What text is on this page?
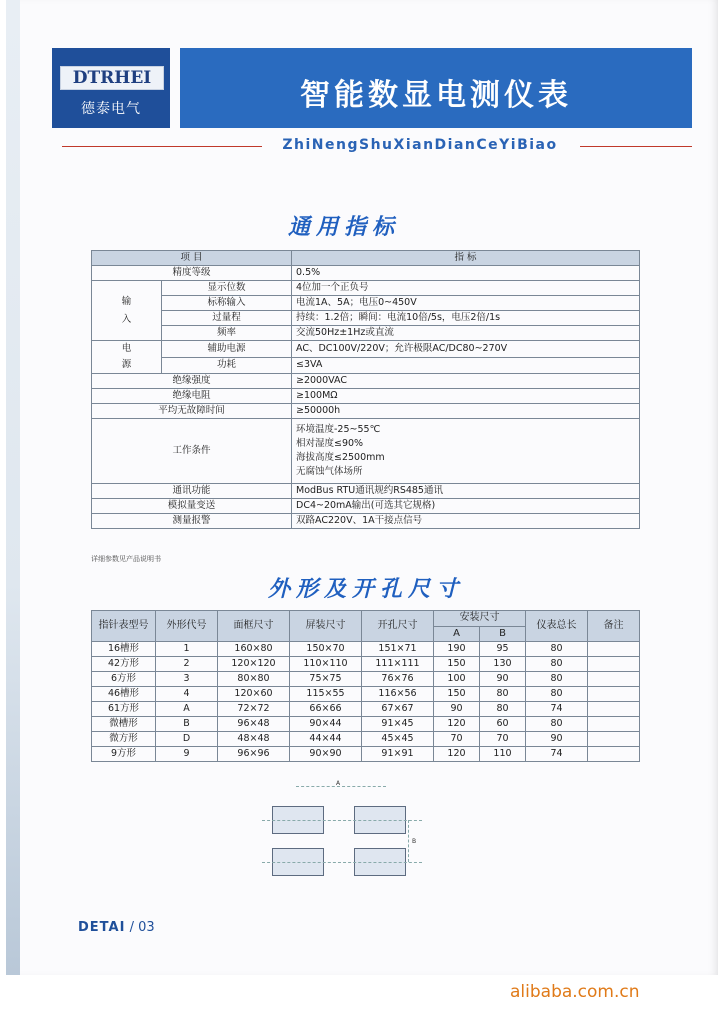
DTRHEI
德泰电气	智能数显电测仪表
ZhiNengShuXianDianCeYiBiao
通用指标
项 目		指 标
精度等级		0.5%

输
入	显示位数	4位加一个正负号
	标称输入	电流1A、5A；电压0~450V
	过量程	持续：1.2倍；瞬间：电流10倍/5s，电压2倍/1s
	频率	交流50Hz±1Hz或直流

电
源	辅助电源	AC、DC100V/220V；允许极限AC/DC80~270V
	功耗	≤3VA
绝缘强度		≥2000VAC
绝缘电阻		≥100MΩ
平均无故障时间		≥50000h
工作条件		环境温度-25~55℃
相对湿度≤90%
海拔高度≤2500mm
无腐蚀气体场所

通讯功能		ModBus RTU通讯规约RS485通讯
模拟量变送		DC4~20mA输出(可选其它规格)
测量报警		双路AC220V、1A干接点信号
详细参数见产品说明书
外形及开孔尺寸
指针表型号	外形代号	面框尺寸	屏装尺寸	开孔尺寸	安装尺寸		仪表总长	备注
					A	B		
16槽形	1	160×80	150×70	151×71	190	95	80	
42方形	2	120×120	110×110	111×111	150	130	80	
6方形	3	80×80	75×75	76×76	100	90	80	
46槽形	4	120×60	115×55	116×56	150	80	80	
61方形	A	72×72	66×66	67×67	90	80	74	
微槽形	B	96×48	90×44	91×45	120	60	80	
微方形	D	48×48	44×44	45×45	70	70	90	
9方形	9	96×96	90×90	91×91	120	110	74	
A
B
DETAI / 03
alibaba.com.cn
